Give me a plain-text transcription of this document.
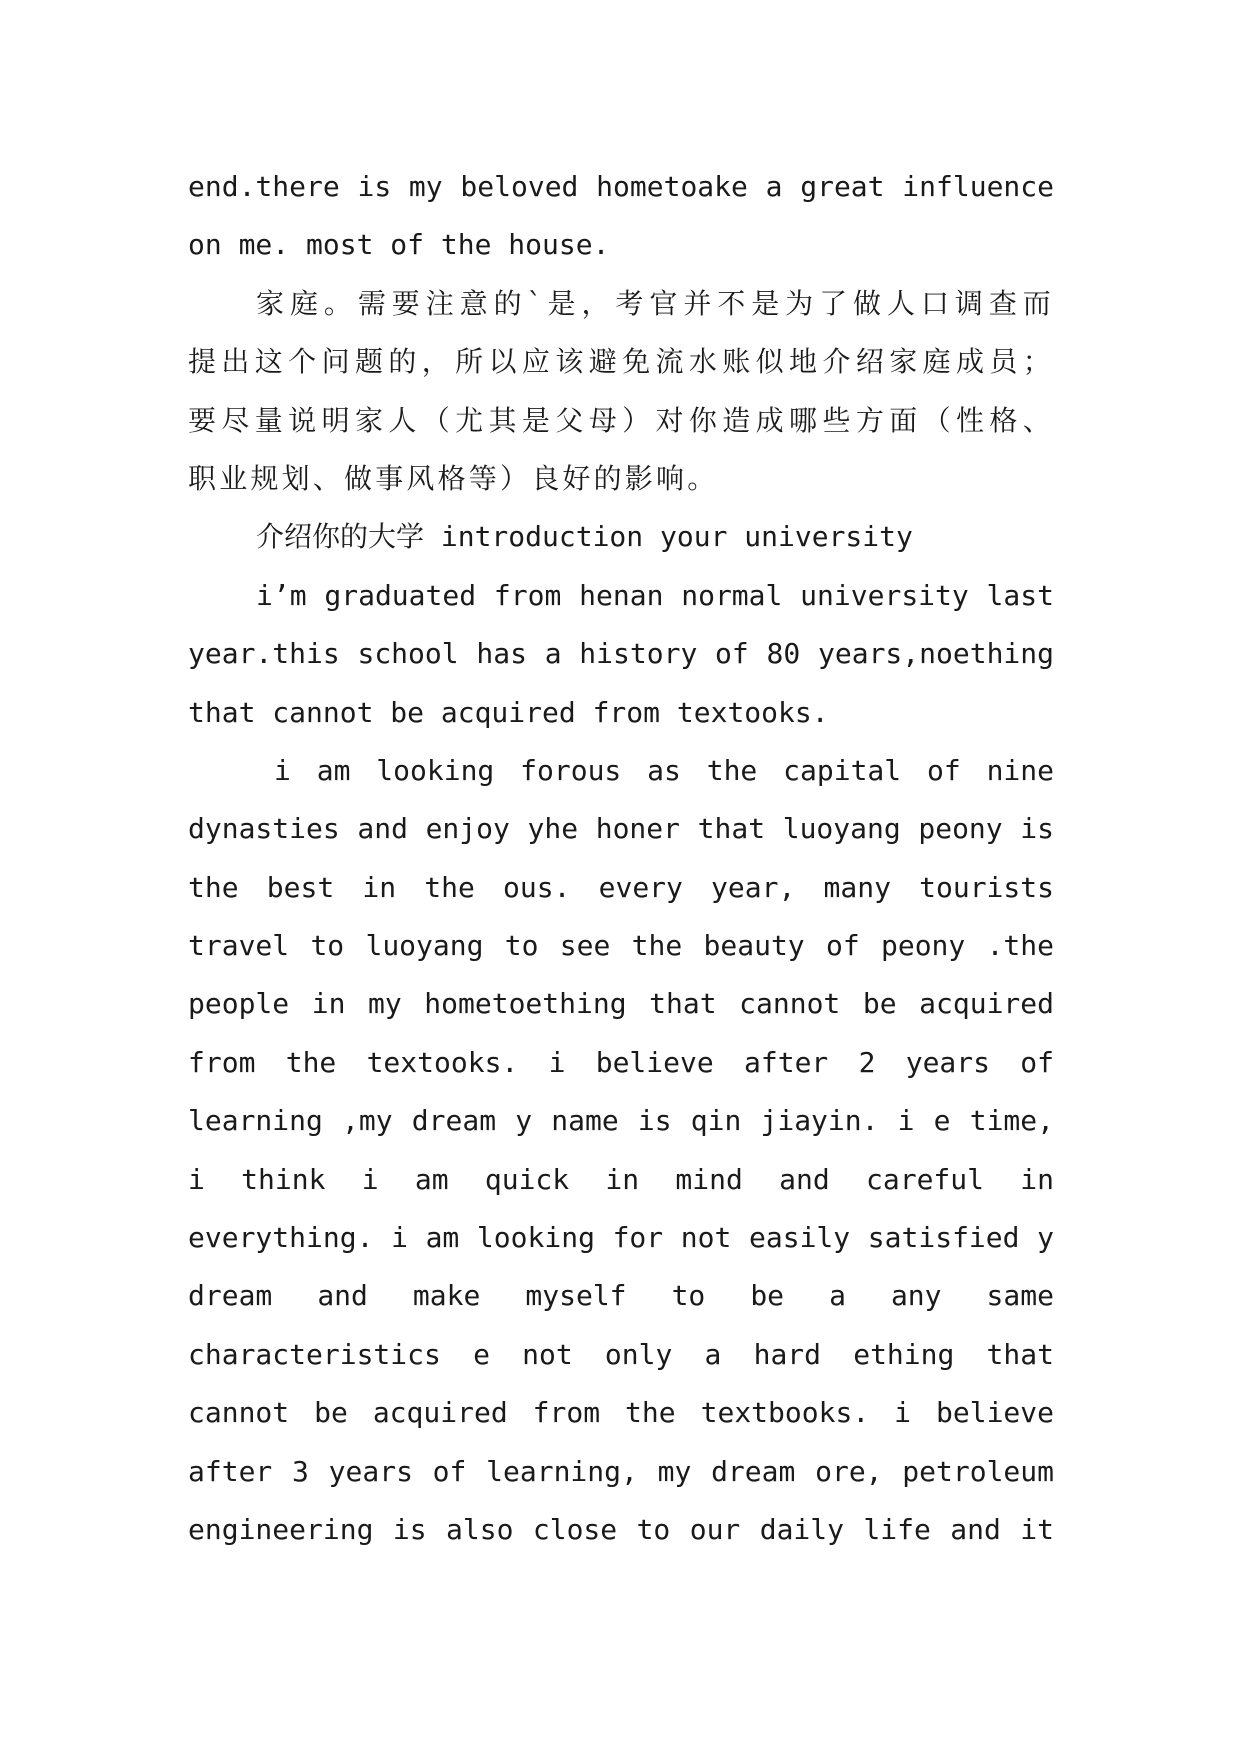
end.there is my beloved hometoake a great influence
on me. most of the house.
家庭。需要注意的`是，考官并不是为了做人口调查而
提出这个问题的，所以应该避免流水账似地介绍家庭成员；
要尽量说明家人（尤其是父母）对你造成哪些方面（性格、
职业规划、做事风格等）良好的影响。
介绍你的大学 introduction your university
i’m graduated from henan normal university last
year.this school has a history of 80 years,noething
that cannot be acquired from textooks.
i am looking forous as the capital of nine
dynasties and enjoy yhe honer that luoyang peony is
the best in the ous. every year, many tourists
travel to luoyang to see the beauty of peony .the
people in my hometoething that cannot be acquired
from the textooks. i believe after 2 years of
learning ,my dream y name is qin jiayin. i e time,
i think i am quick in mind and careful in
everything. i am looking for not easily satisfied y
dream and make myself to be a any same
characteristics e not only a hard ething that
cannot be acquired from the textbooks. i believe
after 3 years of learning, my dream ore, petroleum
engineering is also close to our daily life and it
